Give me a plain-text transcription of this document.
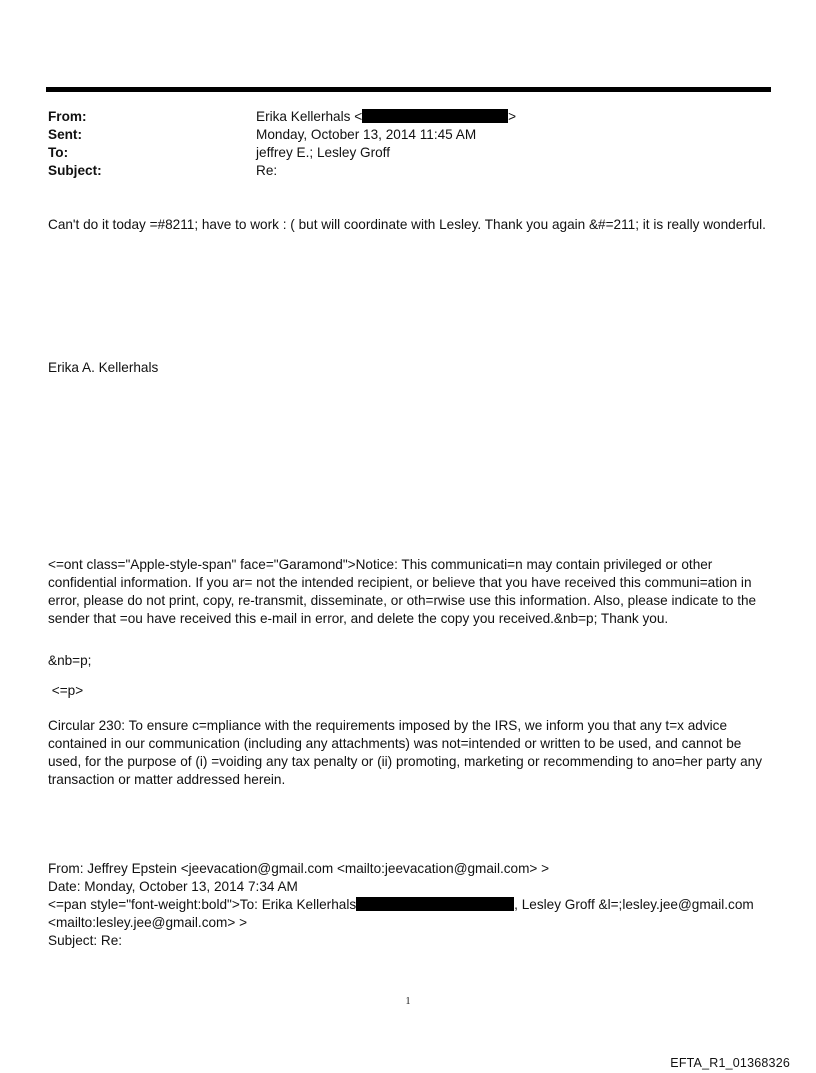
From:	Erika Kellerhals <	>
Sent:	Monday, October 13, 2014 11:45 AM
To:	jeffrey E.; Lesley Groff
Subject:	Re:
Can't do it today =#8211; have to work : ( but will coordinate with Lesley. Thank you again &#=211; it is really wonderful.
Erika A. Kellerhals
<=ont class="Apple-style-span" face="Garamond">Notice: This communicati=n may contain privileged or other
confidential information. If you ar= not the intended recipient, or believe that you have received this communi=ation in
error, please do not print, copy, re-transmit, disseminate, or oth=rwise use this information. Also, please indicate to the
sender that =ou have received this e-mail in error, and delete the copy you received.&nb=p; Thank you.
&nb=p;
<=p>
Circular 230: To ensure c=mpliance with the requirements imposed by the IRS, we inform you that any t=x advice
contained in our communication (including any attachments) was not=intended or written to be used, and cannot be
used, for the purpose of (i) =voiding any tax penalty or (ii) promoting, marketing or recommending to ano=her party any
transaction or matter addressed herein.
From: Jeffrey Epstein <jeevacation@gmail.com <mailto:jeevacation@gmail.com> >
Date: Monday, October 13, 2014 7:34 AM
<=pan style="font-weight:bold">To: Erika Kellerhals	, Lesley Groff &l=;lesley.jee@gmail.com
<mailto:lesley.jee@gmail.com> >
Subject: Re:
1
EFTA_R1_01368326
